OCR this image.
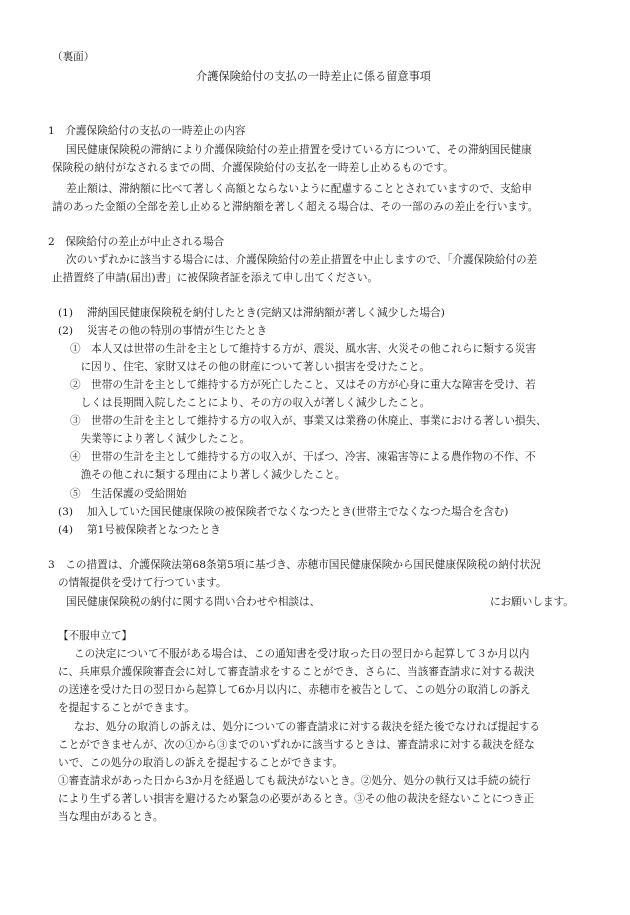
（裏面）
介護保険給付の支払の一時差止に係る留意事項
1　介護保険給付の支払の一時差止の内容
国民健康保険税の滞納により介護保険給付の差止措置を受けている方について、その滞納国民健康
保険税の納付がなされるまでの間、介護保険給付の支払を一時差し止めるものです。
差止額は、滞納額に比べて著しく高額とならないように配慮することとされていますので、支給申
請のあった金額の全部を差し止めると滞納額を著しく超える場合は、その一部のみの差止を行います。
2　保険給付の差止が中止される場合
次のいずれかに該当する場合には、介護保険給付の差止措置を中止しますので、「介護保険給付の差
止措置終了申請(届出)書」に被保険者証を添えて申し出てください。
(1)　 滞納国民健康保険税を納付したとき(完納又は滞納額が著しく減少した場合)
(2)　 災害その他の特別の事情が生じたとき
①　本人又は世帯の生計を主として維持する方が、震災、風水害、火災その他これらに類する災害
　に因り、住宅、家財又はその他の財産について著しい損害を受けたこと。
②　世帯の生計を主として維持する方が死亡したこと、又はその方が心身に重大な障害を受け、若
　しくは長期間入院したことにより、その方の収入が著しく減少したこと。
③　世帯の生計を主として維持する方の収入が、事業又は業務の休廃止、事業における著しい損失、
　失業等により著しく減少したこと。
④　世帯の生計を主として維持する方の収入が、干ばつ、冷害、凍霜害等による農作物の不作、不
　漁その他これに類する理由により著しく減少したこと。
⑤　生活保護の受給開始
(3)　 加入していた国民健康保険の被保険者でなくなつたとき(世帯主でなくなつた場合を含む)
(4)　 第1号被保険者となつたとき
3　この措置は、介護保険法第68条第5項に基づき、赤穂市国民健康保険から国民健康保険税の納付状況
の情報提供を受けて行つています。
国民健康保険税の納付に関する問い合わせや相談は、	にお願いします。
【不服申立て】
この決定について不服がある場合は、この通知書を受け取った日の翌日から起算して３か月以内
に、兵庫県介護保険審査会に対して審査請求をすることができ、さらに、当該審査請求に対する裁決
の送達を受けた日の翌日から起算して6か月以内に、赤穂市を被告として、この処分の取消しの訴え
を提起することができます。
なお、処分の取消しの訴えは、処分についての審査請求に対する裁決を経た後でなければ提起する
ことができませんが、次の①から③までのいずれかに該当するときは、審査請求に対する裁決を経な
いで、この処分の取消しの訴えを提起することができます。
①審査請求があった日から3か月を経過しても裁決がないとき。②処分、処分の執行又は手続の続行
により生ずる著しい損害を避けるため緊急の必要があるとき。③その他の裁決を経ないことにつき正
当な理由があるとき。
